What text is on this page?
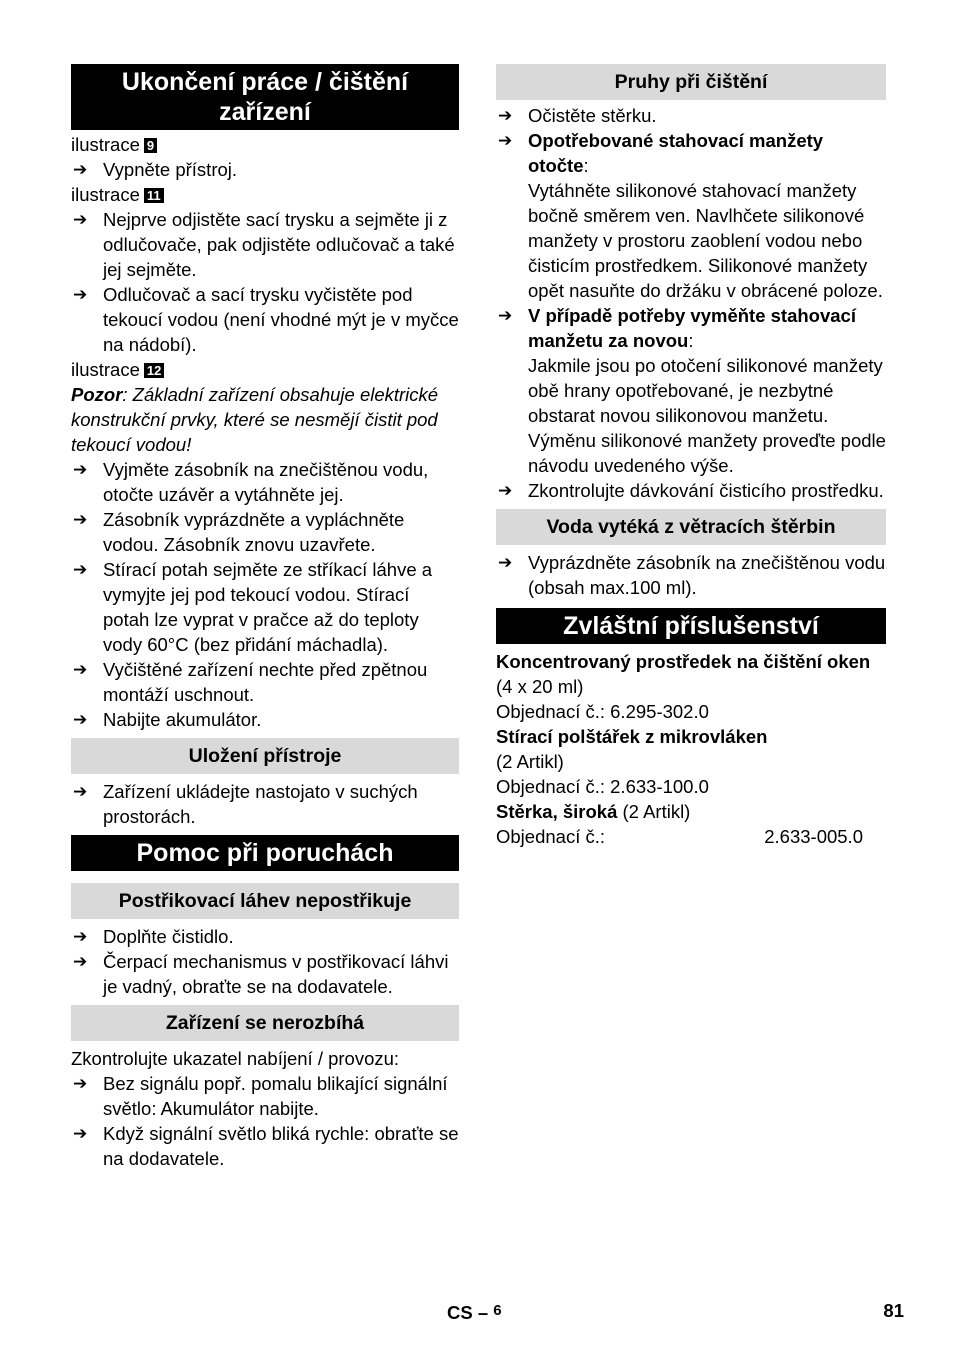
Ukončení práce / čištění zařízení

ilustrace 9

➔ Vypněte přístroj.

ilustrace 11

➔ Nejprve odjistěte sací trysku a sejměte ji z odlučovače, pak odjistěte odlučovač a také jej sejměte.

➔ Odlučovač a sací trysku vyčistěte pod tekoucí vodou (není vhodné mýt je v myčce na nádobí).

ilustrace 12

Pozor: Základní zařízení obsahuje elektrické konstrukční prvky, které se nesmějí čistit pod tekoucí vodou!

➔ Vyjměte zásobník na znečištěnou vodu, otočte uzávěr a vytáhněte jej.

➔ Zásobník vyprázdněte a vypláchněte vodou. Zásobník znovu uzavřete.

➔ Stírací potah sejměte ze stříkací láhve a vymyjte jej pod tekoucí vodou. Stírací potah lze vyprat v pračce až do teploty vody 60°C (bez přidání máchadla).

➔ Vyčištěné zařízení nechte před zpětnou montáží uschnout.

➔ Nabijte akumulátor.

Uložení přístroje

➔ Zařízení ukládejte nastojato v suchých prostorách.

Pomoc při poruchách
Postřikovací láhev nepostřikuje

➔ Doplňte čistidlo.

➔ Čerpací mechanismus v postřikovací láhvi je vadný, obraťte se na dodavatele.

Zařízení se nerozbíhá

Zkontrolujte ukazatel nabíjení / provozu:

➔ Bez signálu popř. pomalu blikající signální světlo: Akumulátor nabijte.

➔ Když signální světlo bliká rychle: obraťte se na dodavatele.

Pruhy při čištění

➔ Očistěte stěrku.

➔ Opotřebované stahovací manžety otočte:
Vytáhněte silikonové stahovací manžety bočně směrem ven. Navlhčete silikonové manžety v prostoru zaoblení vodou nebo čisticím prostředkem. Silikonové manžety opět nasuňte do držáku v obrácené poloze.

➔ V případě potřeby vyměňte stahovací manžetu za novou:
Jakmile jsou po otočení silikonové manžety obě hrany opotřebované, je nezbytné obstarat novou silikonovou manžetu. Výměnu silikonové manžety proveďte podle návodu uvedeného výše.

➔ Zkontrolujte dávkování čisticího prostředku.

Voda vytéká z větracích štěrbin

➔ Vyprázdněte zásobník na znečištěnou vodu (obsah max.100 ml).

Zvláštní příslušenství

Koncentrovaný prostředek na čištění oken  (4 x 20 ml)

Objednací č.: 6.295-302.0

Stírací polštářek z mikrovláken

(2 Artikl)

Objednací č.: 2.633-100.0

Stěrka, široká (2 Artikl)

Objednací č.:	2.633-005.0

CS – $^6$	81
